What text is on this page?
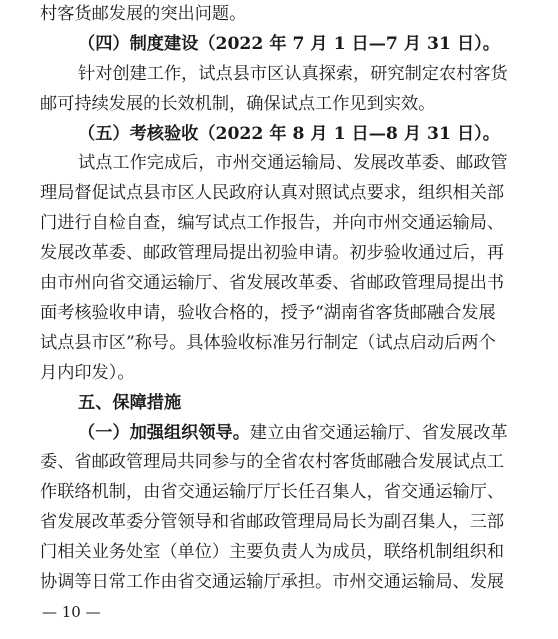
村客货邮发展的突出问题。
（四）制度建设（2022 年 7 月 1 日—7 月 31 日）。
针对创建工作，试点县市区认真探索，研究制定农村客货
邮可持续发展的长效机制，确保试点工作见到实效。
（五）考核验收（2022 年 8 月 1 日—8 月 31 日）。
试点工作完成后，市州交通运输局、发展改革委、邮政管
理局督促试点县市区人民政府认真对照试点要求，组织相关部
门进行自检自查，编写试点工作报告，并向市州交通运输局、
发展改革委、邮政管理局提出初验申请。初步验收通过后，再
由市州向省交通运输厅、省发展改革委、省邮政管理局提出书
面考核验收申请，验收合格的，授予“湖南省客货邮融合发展
试点县市区”称号。具体验收标准另行制定（试点启动后两个
月内印发）。
五、保障措施
（一）加强组织领导。建立由省交通运输厅、省发展改革
委、省邮政管理局共同参与的全省农村客货邮融合发展试点工
作联络机制，由省交通运输厅厅长任召集人，省交通运输厅、
省发展改革委分管领导和省邮政管理局局长为副召集人，三部
门相关业务处室（单位）主要负责人为成员，联络机制组织和
协调等日常工作由省交通运输厅承担。市州交通运输局、发展
— 10 —
